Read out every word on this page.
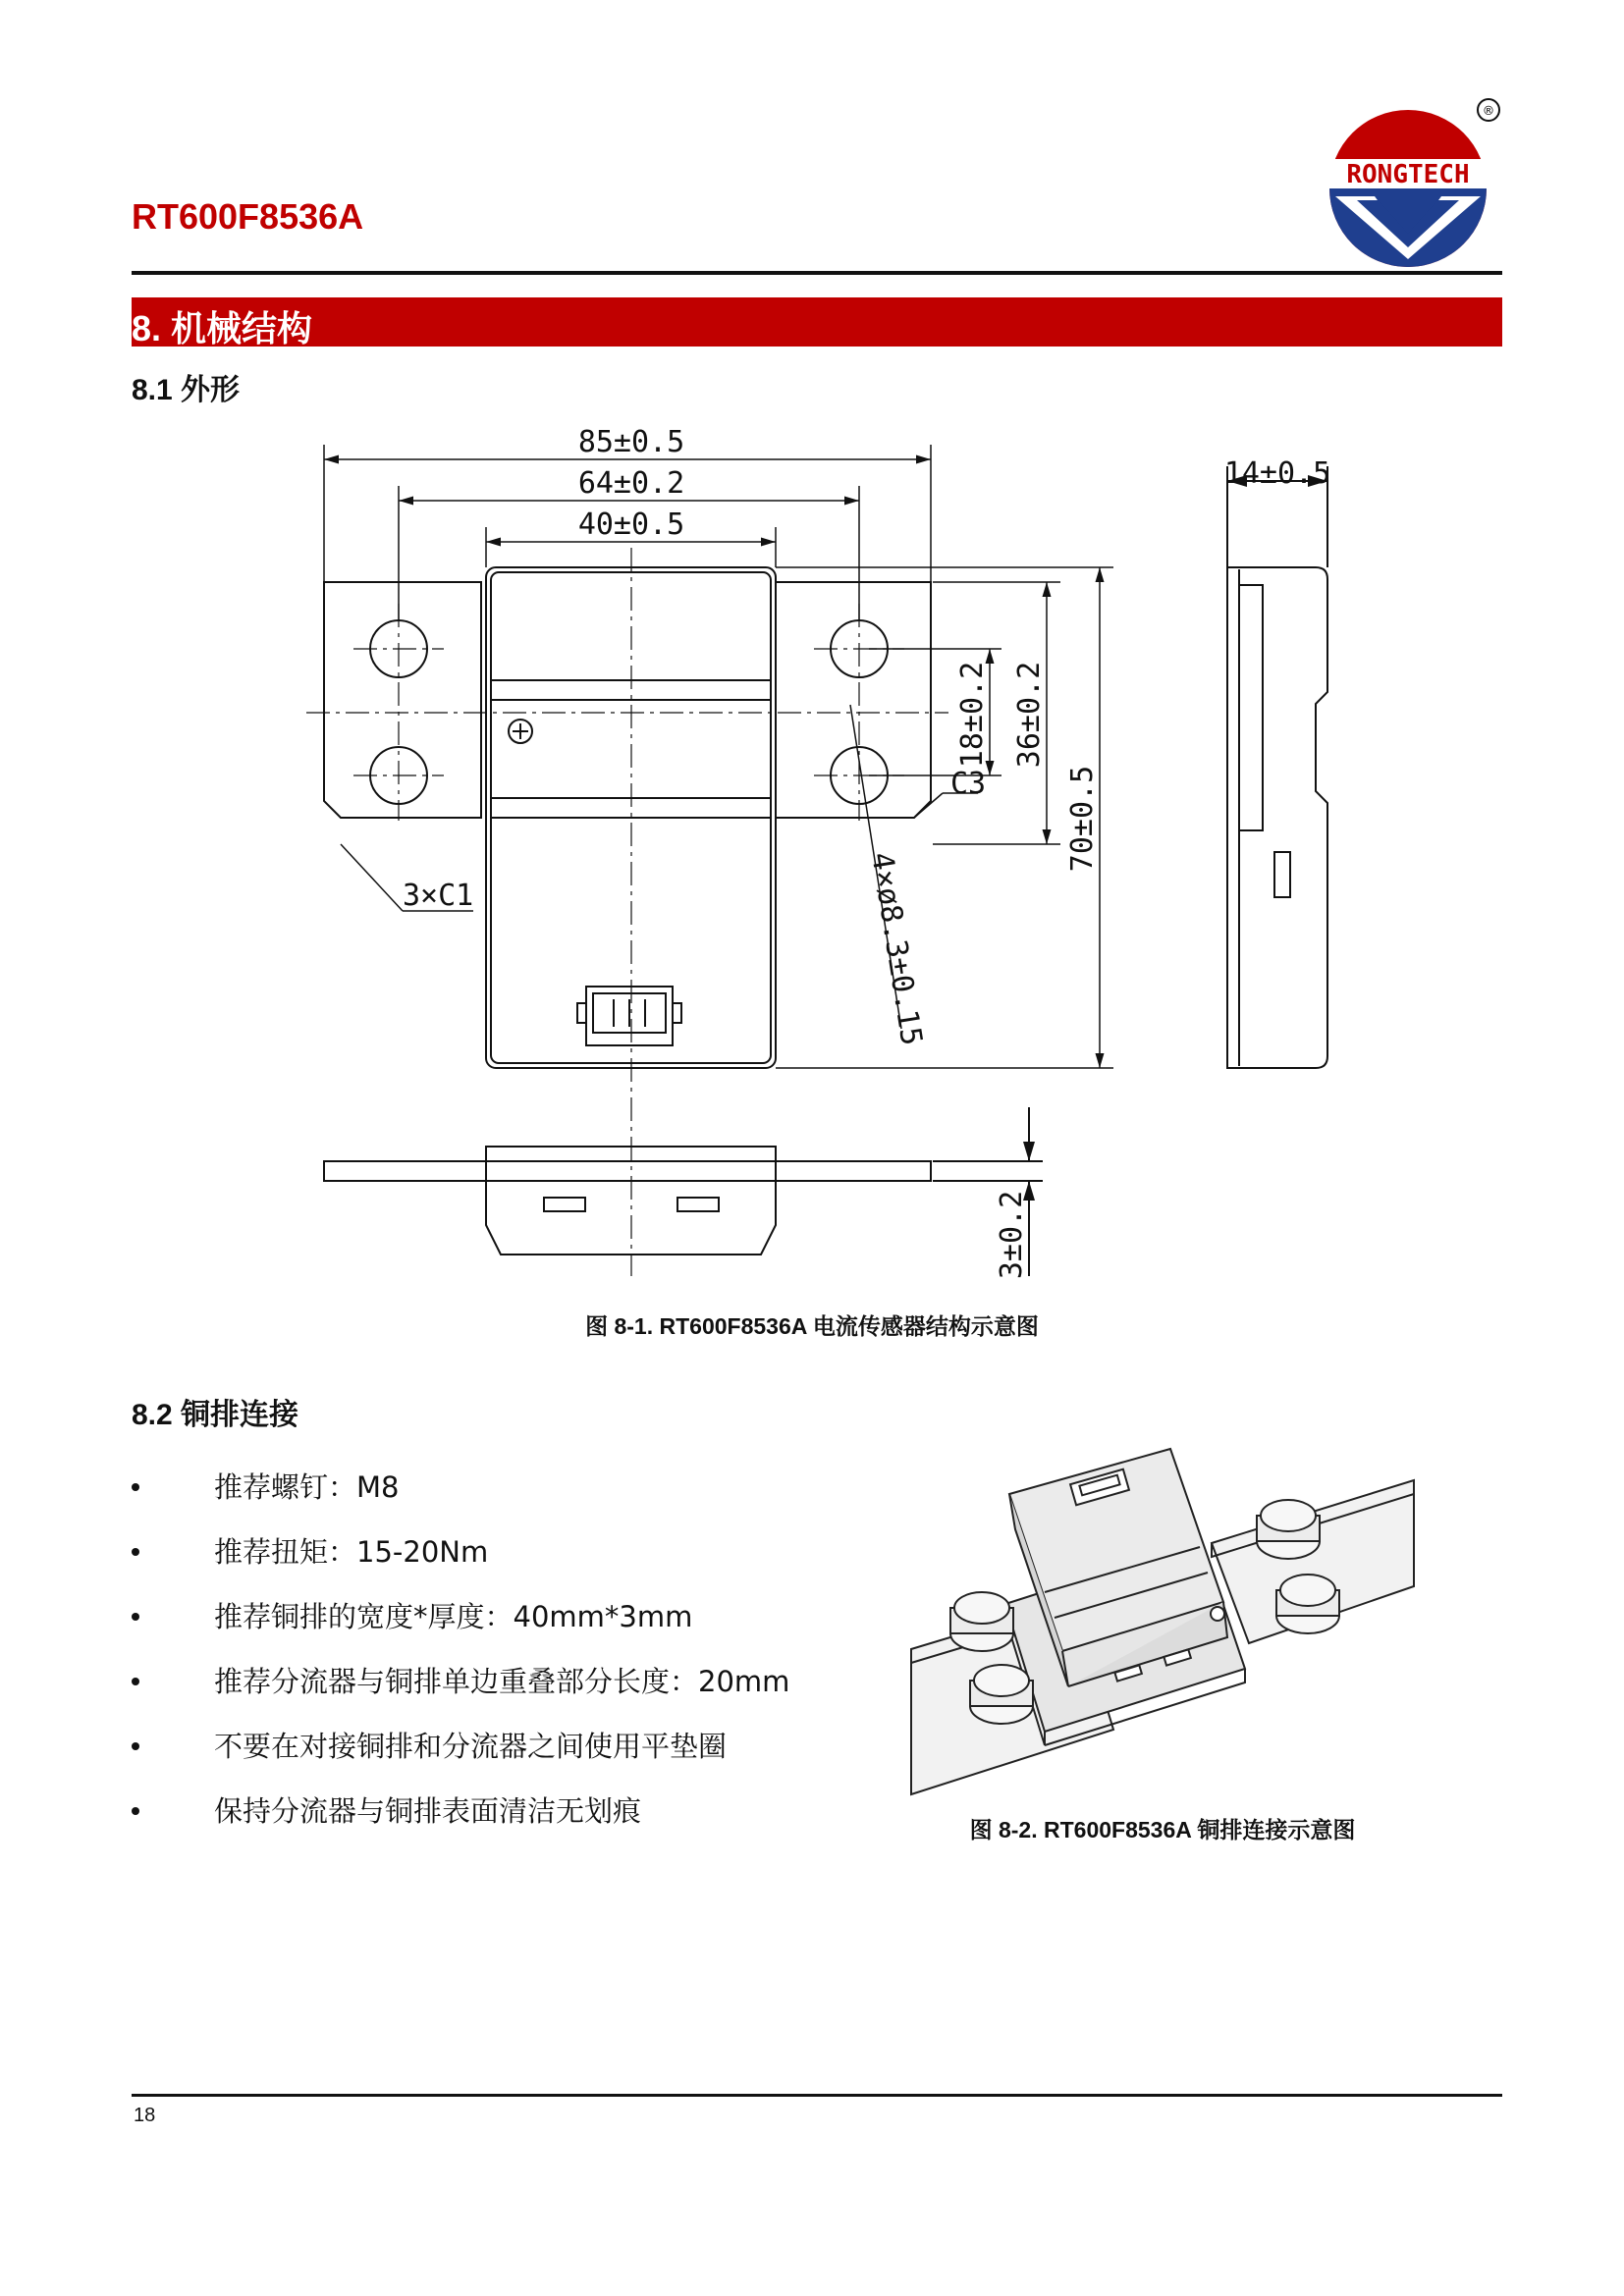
RT600F8536A
RONGTECH
®
8. 机械结构
8.1 外形
85±0.5
64±0.2
40±0.5
14±0.5
C3
3×C1
18±0.2 36±0.2
70±0.5
3±0.2
4×ø8.3±0.15
图 8-1. RT600F8536A 电流传感器结构示意图
8.2 铜排连接
推荐螺钉：M8
推荐扭矩：15-20Nm
推荐铜排的宽度*厚度：40mm*3mm
推荐分流器与铜排单边重叠部分长度：20mm
不要在对接铜排和分流器之间使用平垫圈
保持分流器与铜排表面清洁无划痕
图 8-2. RT600F8536A 铜排连接示意图
18
